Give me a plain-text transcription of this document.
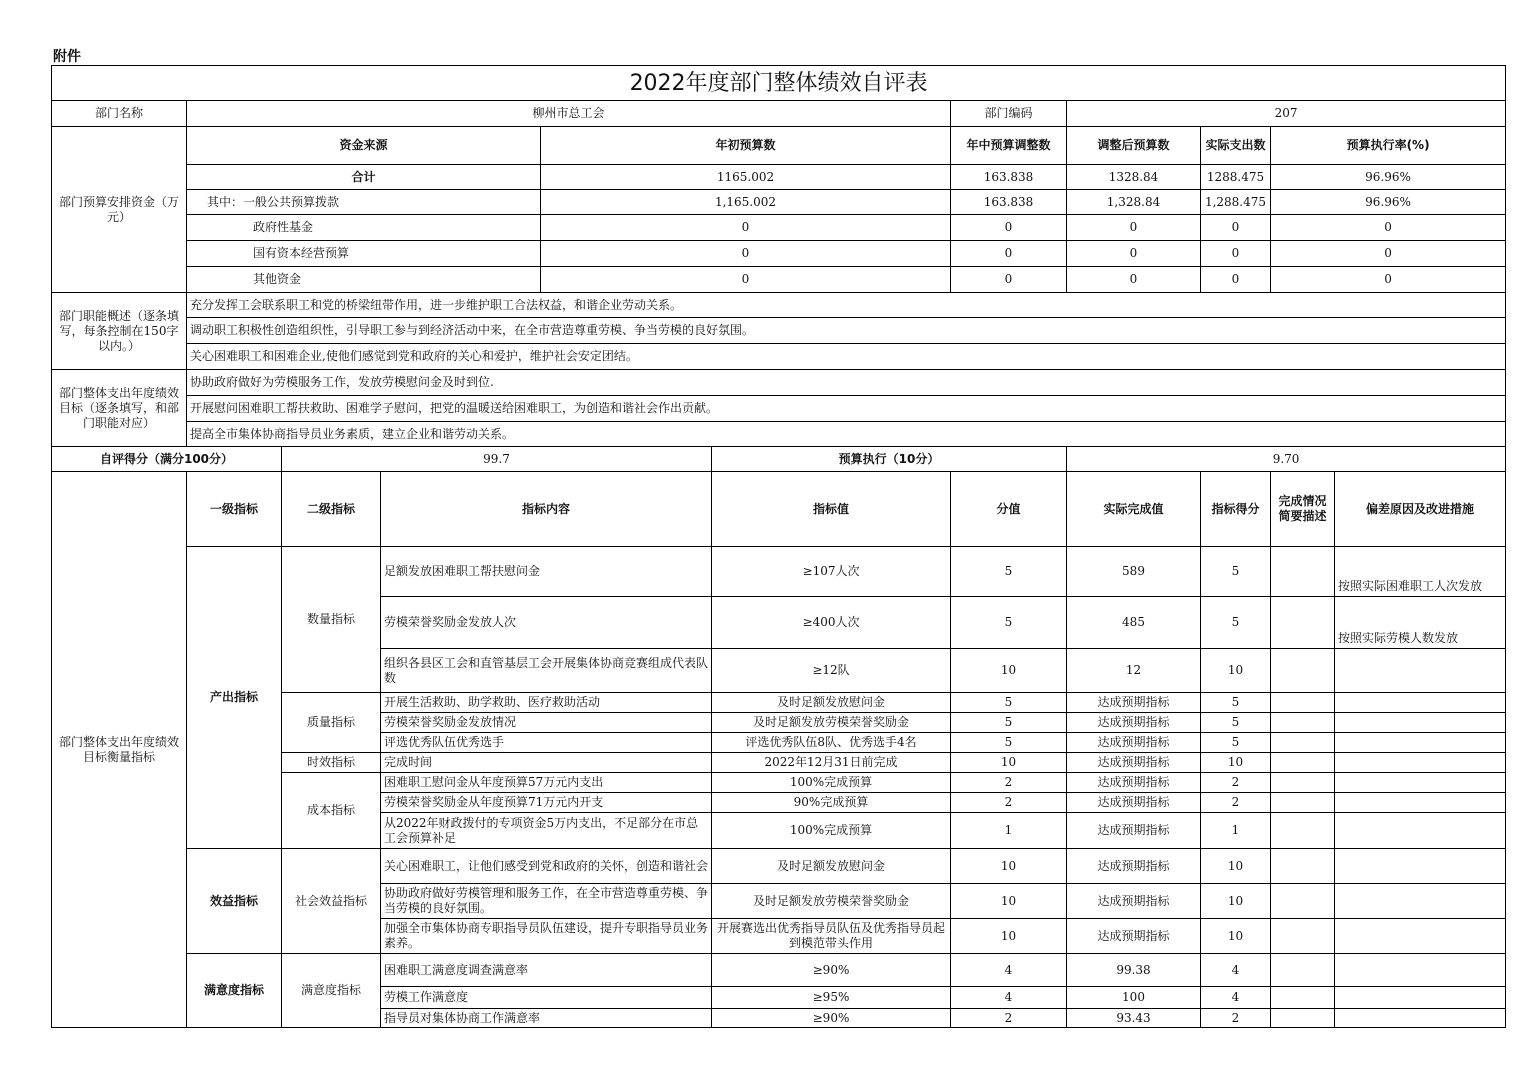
附件
2022年度部门整体绩效自评表										
部门名称	柳州市总工会					部门编码	207			
部门预算安排资金（万元）	资金来源			年初预算数		年中预算调整数	调整后预算数	实际支出数	预算执行率(%)	
	合计			1165.002		163.838	1328.84	1288.475	96.96%	
	其中：一般公共预算拨款			1,165.002		163.838	1,328.84	1,288.475	96.96%	
	政府性基金			0		0	0	0	0	
	国有资本经营预算			0		0	0	0	0	
	其他资金			0		0	0	0	0	
部门职能概述（逐条填写，每条控制在150字以内。）	充分发挥工会联系职工和党的桥梁纽带作用，进一步维护职工合法权益，和谐企业劳动关系。									
	调动职工积极性创造组织性，引导职工参与到经济活动中来，在全市营造尊重劳模、争当劳模的良好氛围。									
	关心困难职工和困难企业,使他们感觉到党和政府的关心和爱护，维护社会安定团结。									
部门整体支出年度绩效目标（逐条填写，和部门职能对应）	协助政府做好为劳模服务工作，发放劳模慰问金及时到位.									
	开展慰问困难职工帮扶救助、困难学子慰问，把党的温暖送给困难职工，为创造和谐社会作出贡献。									
	提高全市集体协商指导员业务素质，建立企业和谐劳动关系。									
自评得分（满分100分）		99.7			预算执行（10分）		9.70			
部门整体支出年度绩效目标衡量指标	一级指标	二级指标	指标内容		指标值	分值	实际完成值	指标得分	完成情况简要描述	偏差原因及改进措施
	产出指标	数量指标	足额发放困难职工帮扶慰问金		≥107人次	5	589	5		按照实际困难职工人次发放
			劳模荣誉奖励金发放人次		≥400人次	5	485	5		按照实际劳模人数发放
			组织各县区工会和直管基层工会开展集体协商竞赛组成代表队数		≥12队	10	12	10		
		质量指标	开展生活救助、助学救助、医疗救助活动		及时足额发放慰问金	5	达成预期指标	5		
			劳模荣誉奖励金发放情况		及时足额发放劳模荣誉奖励金	5	达成预期指标	5		
			评选优秀队伍优秀选手		评选优秀队伍8队、优秀选手4名	5	达成预期指标	5		
		时效指标	完成时间		2022年12月31日前完成	10	达成预期指标	10		
		成本指标	困难职工慰问金从年度预算57万元内支出		100%完成预算	2	达成预期指标	2		
			劳模荣誉奖励金从年度预算71万元内开支		90%完成预算	2	达成预期指标	2		
			从2022年财政拨付的专项资金5万内支出，不足部分在市总工会预算补足		100%完成预算	1	达成预期指标	1		
	效益指标	社会效益指标	关心困难职工，让他们感受到党和政府的关怀，创造和谐社会		及时足额发放慰问金	10	达成预期指标	10		
			协助政府做好劳模管理和服务工作，在全市营造尊重劳模、争当劳模的良好氛围。		及时足额发放劳模荣誉奖励金	10	达成预期指标	10		
			加强全市集体协商专职指导员队伍建设，提升专职指导员业务素养。		开展赛选出优秀指导员队伍及优秀指导员起到模范带头作用	10	达成预期指标	10		
	满意度指标	满意度指标	困难职工满意度调查满意率		≥90%	4	99.38	4		
			劳模工作满意度		≥95%	4	100	4		
			指导员对集体协商工作满意率		≥90%	2	93.43	2		
